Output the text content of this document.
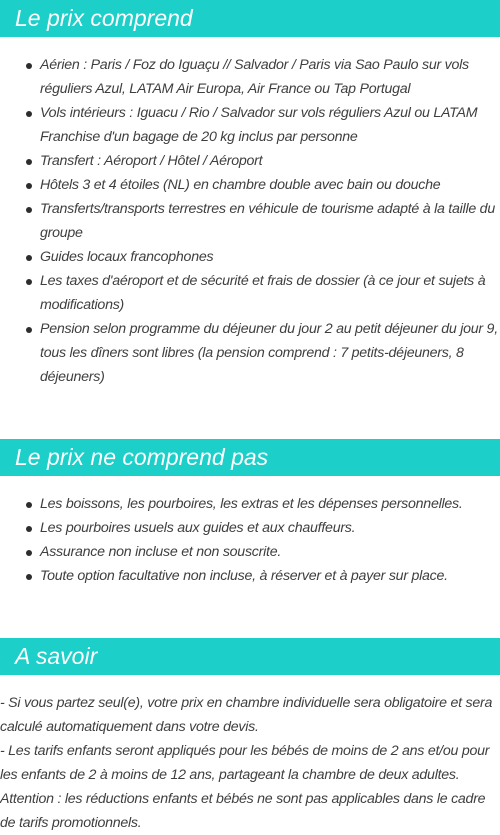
Le prix comprend
Aérien : Paris / Foz do Iguaçu // Salvador / Paris via Sao Paulo sur vols réguliers Azul, LATAM Air Europa, Air France ou Tap Portugal
Vols intérieurs : Iguacu / Rio / Salvador sur vols réguliers Azul ou LATAM Franchise d'un bagage de 20 kg inclus par personne
Transfert : Aéroport / Hôtel / Aéroport
Hôtels 3 et 4 étoiles (NL) en chambre double avec bain ou douche
Transferts/transports terrestres en véhicule de tourisme adapté à la taille du groupe
Guides locaux francophones
Les taxes d'aéroport et de sécurité et frais de dossier (à ce jour et sujets à modifications)
Pension selon programme du déjeuner du jour 2 au petit déjeuner du jour 9, tous les dîners sont libres (la pension comprend : 7 petits-déjeuners, 8 déjeuners)
Le prix ne comprend pas
Les boissons, les pourboires, les extras et les dépenses personnelles.
Les pourboires usuels aux guides et aux chauffeurs.
Assurance non incluse et non souscrite.
Toute option facultative non incluse, à réserver et à payer sur place.
A savoir

- Si vous partez seul(e), votre prix en chambre individuelle sera obligatoire et sera calculé automatiquement dans votre devis.

- Les tarifs enfants seront appliqués pour les bébés de moins de 2 ans et/ou pour les enfants de 2 à moins de 12 ans, partageant la chambre de deux adultes.

Attention : les réductions enfants et bébés ne sont pas applicables dans le cadre de tarifs promotionnels.
